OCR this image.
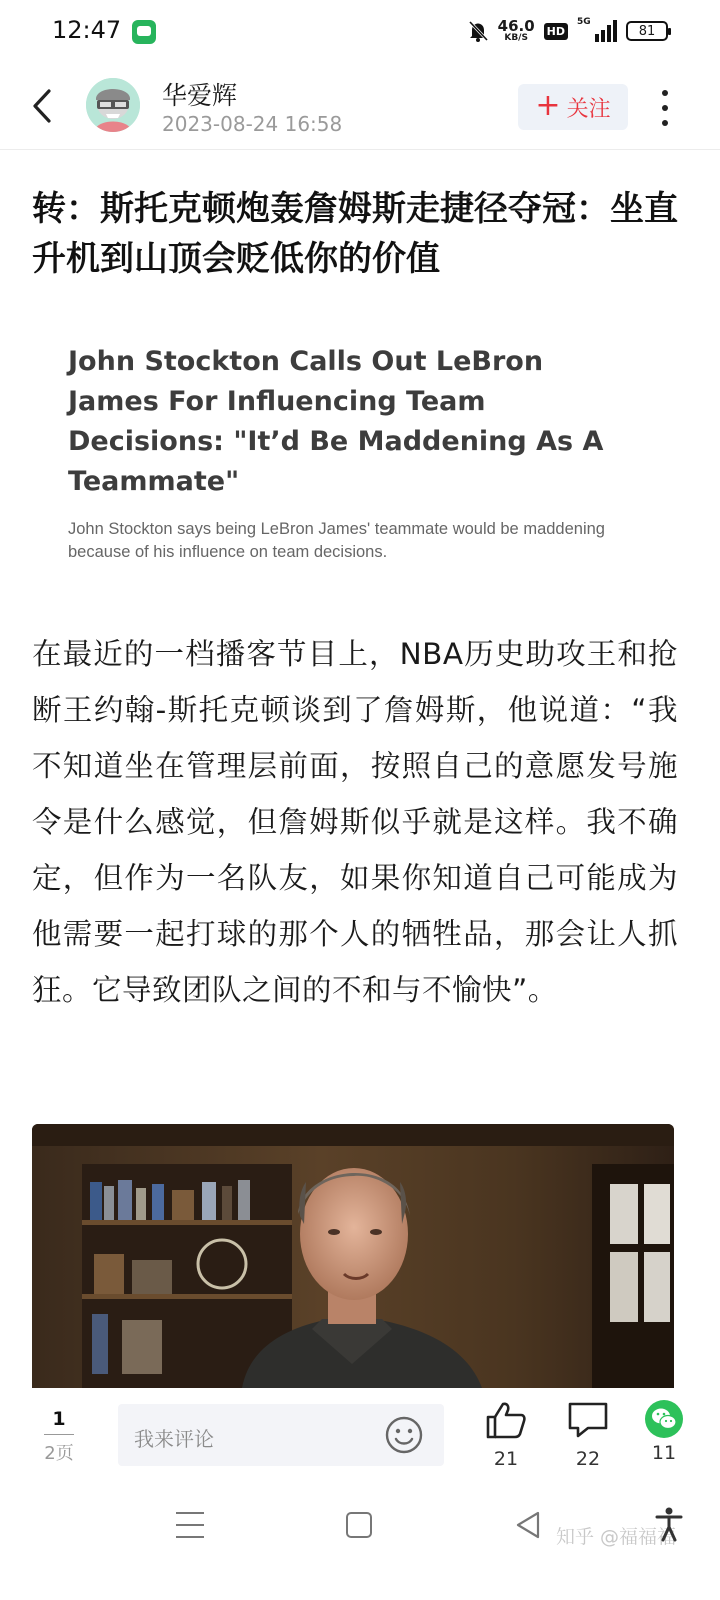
12:47	46.0
KB/S
HD
5G
81
华爱辉
2023-08-24 16:58
+ 关注
转：斯托克顿炮轰詹姆斯走捷径夺冠：坐直升机到山顶会贬低你的价值
John Stockton Calls Out LeBron James For Influencing Team Decisions: "It’d Be Maddening As A Teammate"
John Stockton says being LeBron James' teammate would be maddening because of his influence on team decisions.

在最近的一档播客节目上，NBA历史助攻王和抢断王约翰-斯托克顿谈到了詹姆斯，他说道：“我不知道坐在管理层前面，按照自己的意愿发号施令是什么感觉，但詹姆斯似乎就是这样。我不确定，但作为一名队友，如果你知道自己可能成为他需要一起打球的那个人的牺牲品，那会让人抓狂。它导致团队之间的不和与不愉快”。

1
2页
我来评论
21	22	11
知乎 @福福福
